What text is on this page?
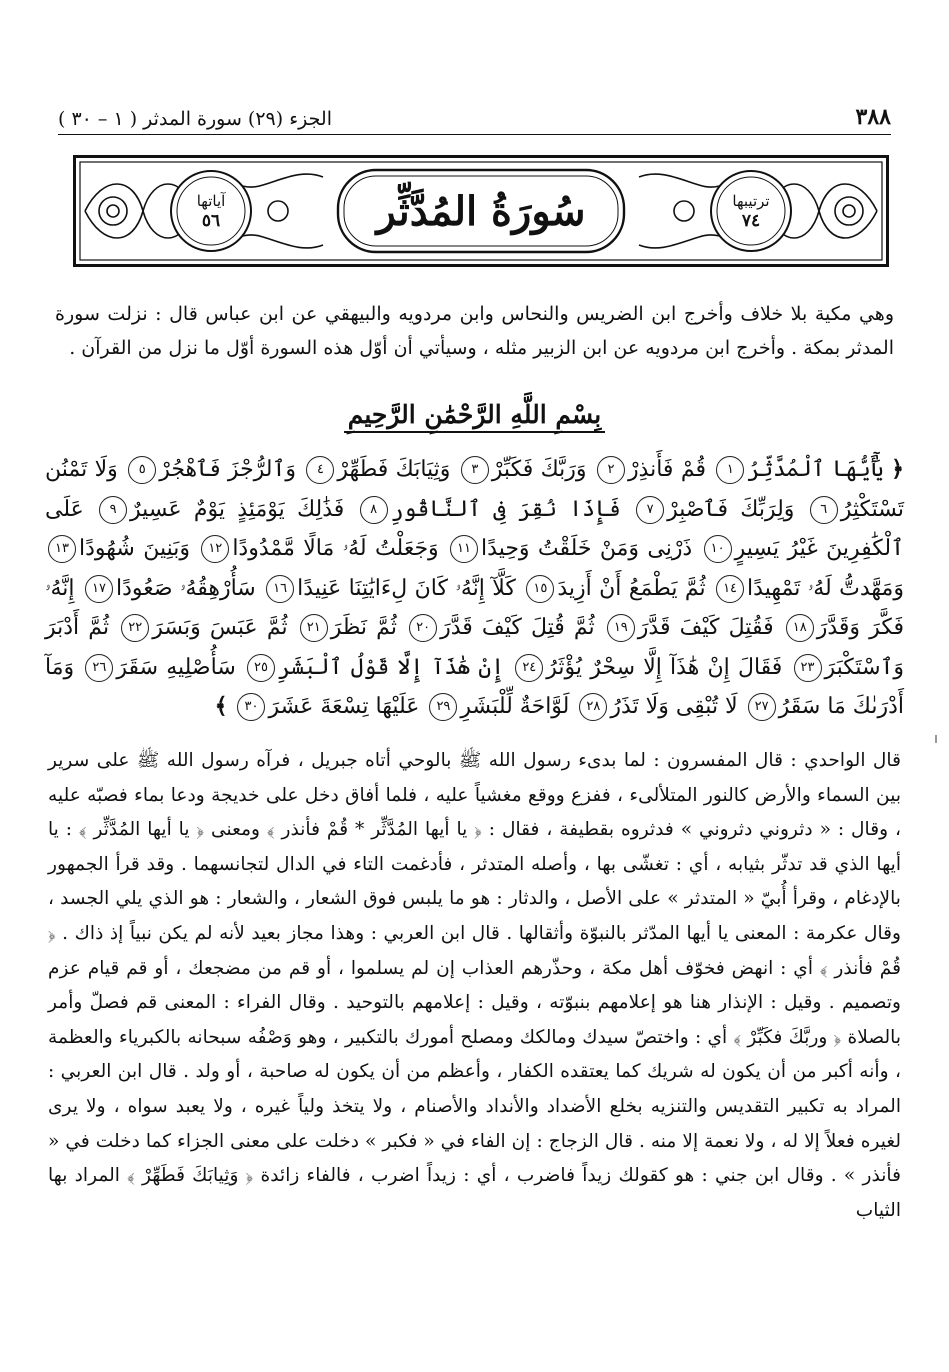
٣٨٨
الجزء (٢٩) سورة المدثر ( ١ – ٣٠ )
سُورَةُ المُدَّثِّر	ترتيبها
٧٤
آياتها
٥٦

وهي مكية بلا خلاف وأخرج ابن الضريس والنحاس وابن مردويه والبيهقي عن ابن عباس قال : نزلت سورة المدثر بمكة . وأخرج ابن مردويه عن ابن الزبير مثله ، وسيأتي أن أوّل هذه السورة أوّل ما نزل من القرآن .

بِسْمِ اللَّهِ الرَّحْمَٰنِ الرَّحِيمِ
﴿ يَٰٓأَيُّهَا ٱلْمُدَّثِّرُ١ قُمْ فَأَنذِرْ٢ وَرَبَّكَ فَكَبِّرْ٣ وَثِيَابَكَ فَطَهِّرْ٤ وَٱلرُّجْزَ فَٱهْجُرْ٥ وَلَا تَمْنُن تَسْتَكْثِرُ٦ وَلِرَبِّكَ فَٱصْبِرْ٧ فَإِذَا نُقِرَ فِى ٱلنَّاقُورِ٨ فَذَٰلِكَ يَوْمَئِذٍ يَوْمٌ عَسِيرٌ٩ عَلَى ٱلْكَٰفِرِينَ غَيْرُ يَسِيرٍ١٠ ذَرْنِى وَمَنْ خَلَقْتُ وَحِيدًا١١ وَجَعَلْتُ لَهُۥ مَالًا مَّمْدُودًا١٢ وَبَنِينَ شُهُودًا١٣ وَمَهَّدتُّ لَهُۥ تَمْهِيدًا١٤ ثُمَّ يَطْمَعُ أَنْ أَزِيدَ١٥ كَلَّآ إِنَّهُۥ كَانَ لِءَايَٰتِنَا عَنِيدًا١٦ سَأُرْهِقُهُۥ صَعُودًا١٧ إِنَّهُۥ فَكَّرَ وَقَدَّرَ١٨ فَقُتِلَ كَيْفَ قَدَّرَ١٩ ثُمَّ قُتِلَ كَيْفَ قَدَّرَ٢٠ ثُمَّ نَظَرَ٢١ ثُمَّ عَبَسَ وَبَسَرَ٢٢ ثُمَّ أَدْبَرَ وَٱسْتَكْبَرَ٢٣ فَقَالَ إِنْ هَٰذَآ إِلَّا سِحْرٌ يُؤْثَرُ٢٤ إِنْ هَٰذَآ إِلَّا قَوْلُ ٱلْبَشَرِ٢٥ سَأُصْلِيهِ سَقَرَ٢٦ وَمَآ أَدْرَىٰكَ مَا سَقَرُ٢٧ لَا تُبْقِى وَلَا تَذَرُ٢٨ لَوَّاحَةٌ لِّلْبَشَرِ٢٩ عَلَيْهَا تِسْعَةَ عَشَرَ٣٠ ﴾

قال الواحدي : قال المفسرون : لما بدىء رسول الله ﷺ بالوحي أتاه جبريل ، فرآه رسول الله ﷺ على سرير بين السماء والأرض كالنور المتلألىء ، ففزع ووقع مغشياً عليه ، فلما أفاق دخل على خديجة ودعا بماء فصبّه عليه ، وقال : « دثروني دثروني » فدثروه بقطيفة ، فقال : ﴿ يا أيها المُدَّثِّر * قُمْ فأنذر ﴾ ومعنى ﴿ يا أيها المُدَّثِّر ﴾ : يا أيها الذي قد تدثّر بثيابه ، أي : تغشّى بها ، وأصله المتدثر ، فأدغمت التاء في الدال لتجانسهما . وقد قرأ الجمهور بالإدغام ، وقرأ أُبيّ « المتدثر » على الأصل ، والدثار : هو ما يلبس فوق الشعار ، والشعار : هو الذي يلي الجسد ، وقال عكرمة : المعنى يا أيها المدّثر بالنبوّة وأثقالها . قال ابن العربي : وهذا مجاز بعيد لأنه لم يكن نبياً إذ ذاك . ﴿ قُمْ فأنذر ﴾ أي : انهض فخوّف أهل مكة ، وحذّرهم العذاب إن لم يسلموا ، أو قم من مضجعك ، أو قم قيام عزم وتصميم . وقيل : الإنذار هنا هو إعلامهم بنبوّته ، وقيل : إعلامهم بالتوحيد . وقال الفراء : المعنى قم فصلّ وأمر بالصلاة ﴿ وربَّكَ فكَبِّرْ ﴾ أي : واختصّ سيدك ومالكك ومصلح أمورك بالتكبير ، وهو وَصْفُه سبحانه بالكبرياء والعظمة ، وأنه أكبر من أن يكون له شريك كما يعتقده الكفار ، وأعظم من أن يكون له صاحبة ، أو ولد . قال ابن العربي : المراد به تكبير التقديس والتنزيه بخلع الأضداد والأنداد والأصنام ، ولا يتخذ ولياً غيره ، ولا يعبد سواه ، ولا يرى لغيره فعلاً إلا له ، ولا نعمة إلا منه . قال الزجاج : إن الفاء في « فكبر » دخلت على معنى الجزاء كما دخلت في « فأنذر » . وقال ابن جني : هو كقولك زيداً فاضرب ، أي : زيداً اضرب ، فالفاء زائدة ﴿ وَثِيابَكَ فَطَهِّرْ ﴾ المراد بها الثياب
